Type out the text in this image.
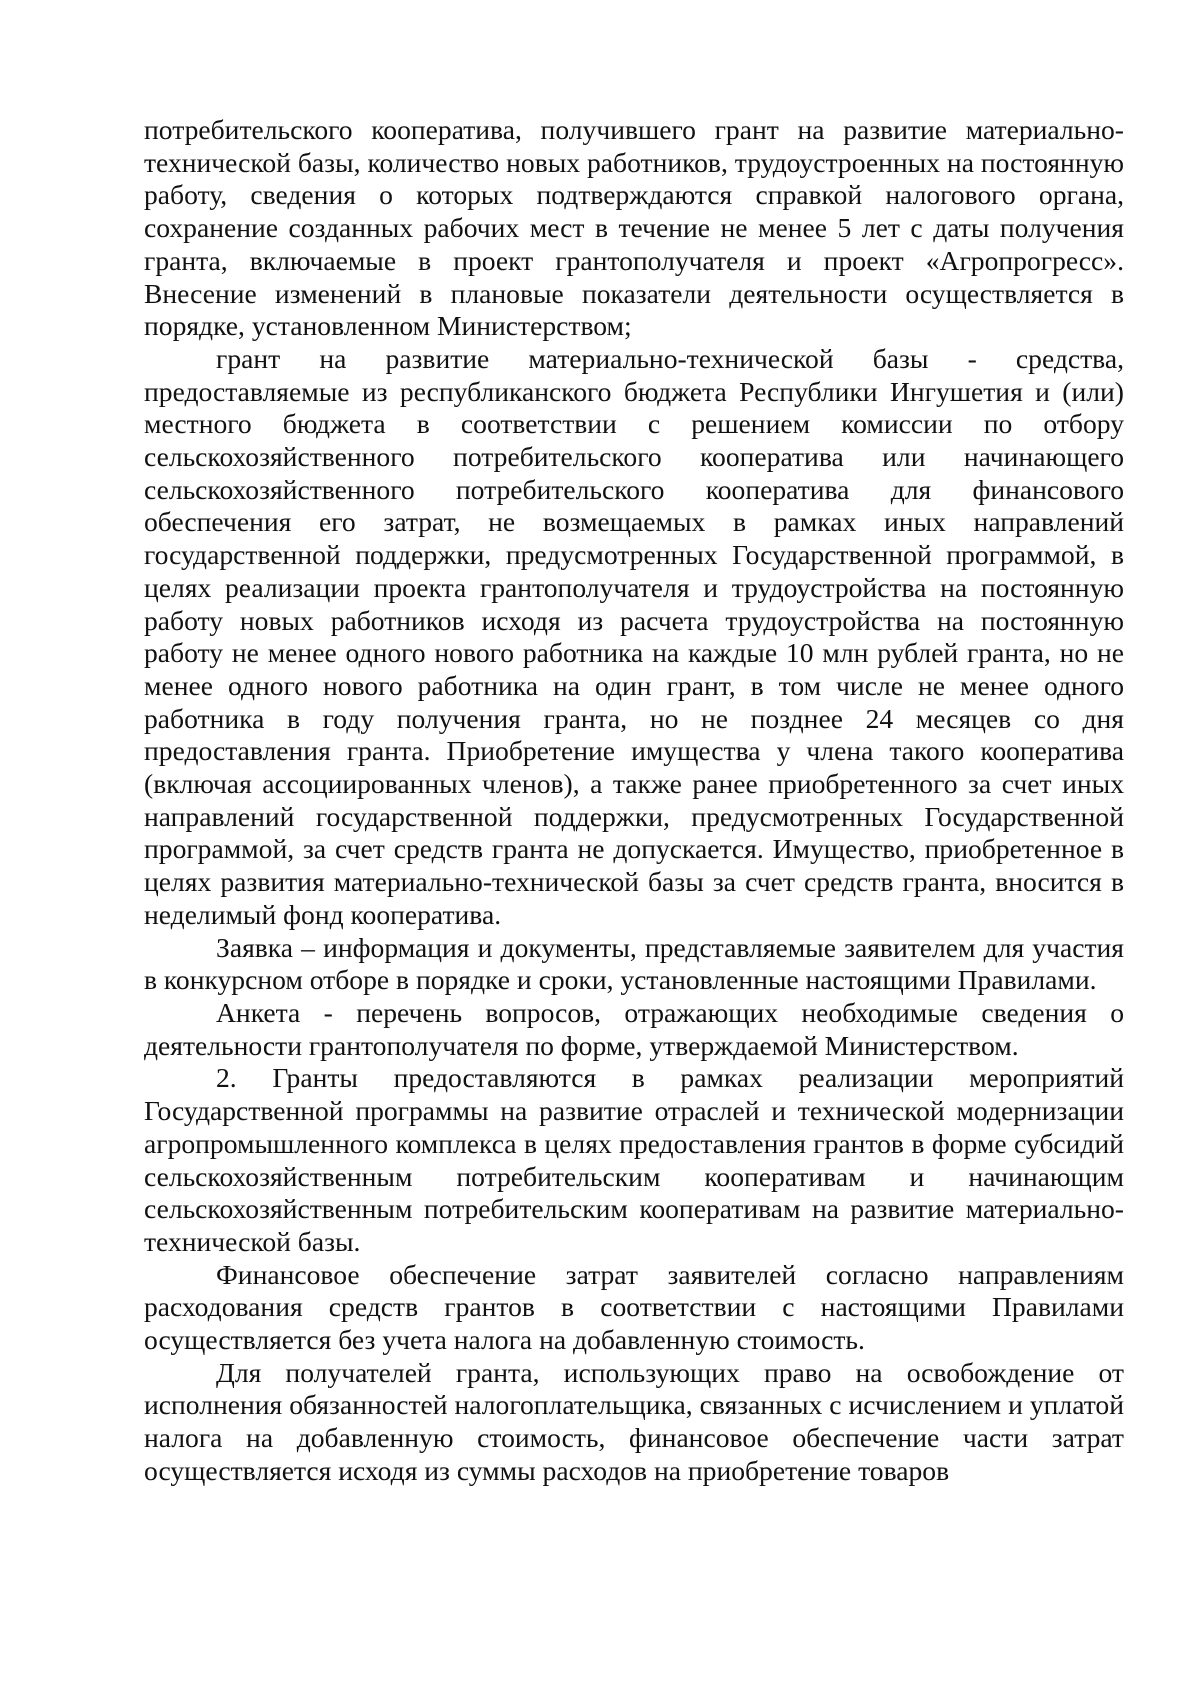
потребительского кооператива, получившего грант на развитие материально-технической базы, количество новых работников, трудоустроенных на постоянную работу, сведения о которых подтверждаются справкой налогового органа, сохранение созданных рабочих мест в течение не менее 5 лет с даты получения гранта, включаемые в проект грантополучателя и проект «Агропрогресс». Внесение изменений в плановые показатели деятельности осуществляется в порядке, установленном Министерством;

грант на развитие материально-технической базы - средства, предоставляемые из республиканского бюджета Республики Ингушетия и (или) местного бюджета в соответствии с решением комиссии по отбору сельскохозяйственного потребительского кооператива или начинающего сельскохозяйственного потребительского кооператива для финансового обеспечения его затрат, не возмещаемых в рамках иных направлений государственной поддержки, предусмотренных Государственной программой, в целях реализации проекта грантополучателя и трудоустройства на постоянную работу новых работников исходя из расчета трудоустройства на постоянную работу не менее одного нового работника на каждые 10 млн рублей гранта, но не менее одного нового работника на один грант, в том числе не менее одного работника в году получения гранта, но не позднее 24 месяцев со дня предоставления гранта. Приобретение имущества у члена такого кооператива (включая ассоциированных членов), а также ранее приобретенного за счет иных направлений государственной поддержки, предусмотренных Государственной программой, за счет средств гранта не допускается. Имущество, приобретенное в целях развития материально-технической базы за счет средств гранта, вносится в неделимый фонд кооператива.

Заявка – информация и документы, представляемые заявителем для участия в конкурсном отборе в порядке и сроки, установленные настоящими Правилами.

Анкета - перечень вопросов, отражающих необходимые сведения о деятельности грантополучателя по форме, утверждаемой Министерством.

2. Гранты предоставляются в рамках реализации мероприятий Государственной программы на развитие отраслей и технической модернизации агропромышленного комплекса в целях предоставления грантов в форме субсидий сельскохозяйственным потребительским кооперативам и начинающим сельскохозяйственным потребительским кооперативам на развитие материально-технической базы.

Финансовое обеспечение затрат заявителей согласно направлениям расходования средств грантов в соответствии с настоящими Правилами осуществляется без учета налога на добавленную стоимость.

Для получателей гранта, использующих право на освобождение от исполнения обязанностей налогоплательщика, связанных с исчислением и уплатой налога на добавленную стоимость, финансовое обеспечение части затрат осуществляется исходя из суммы расходов на приобретение товаров
